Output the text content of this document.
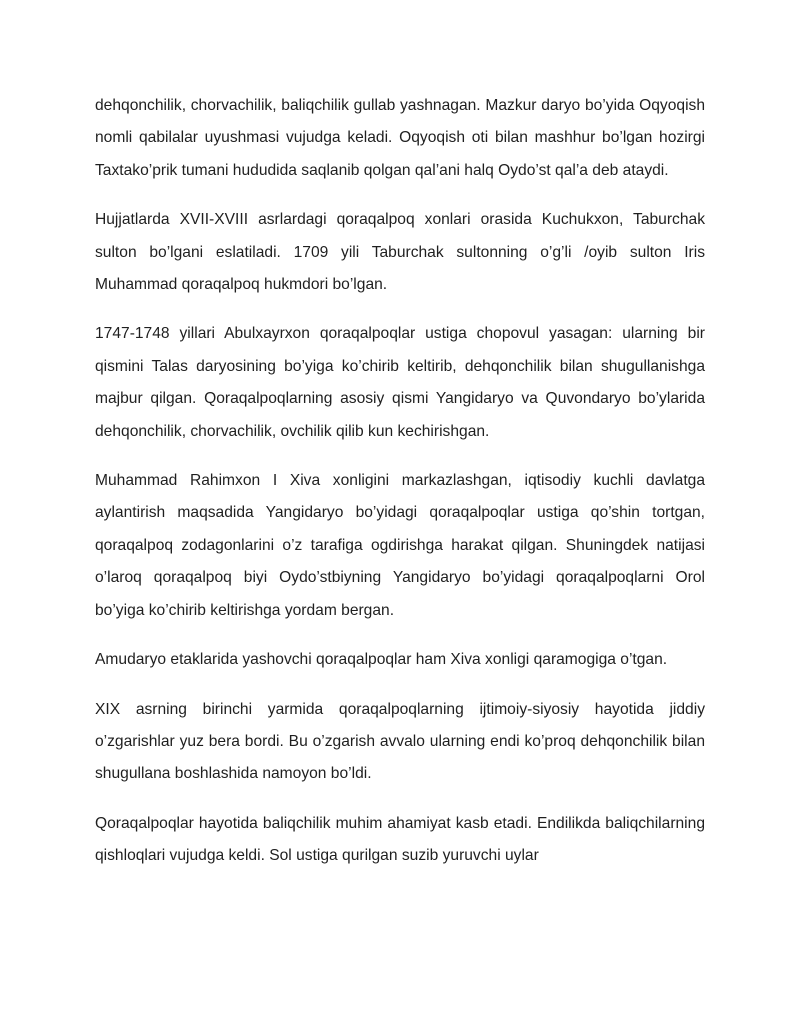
dehqonchilik, chorvachilik, baliqchilik gullab yashnagan. Mazkur daryo bo’yida Oqyoqish nomli qabilalar uyushmasi vujudga keladi. Oqyoqish oti bilan mashhur bo’lgan hozirgi Taxtako’prik tumani hududida saqlanib qolgan qal’ani halq Oydo’st qal’a deb ataydi.

Hujjatlarda XVII-XVIII asrlardagi qoraqalpoq xonlari orasida Kuchukxon, Taburchak sulton bo’lgani eslatiladi. 1709 yili Taburchak sultonning o’g’li /oyib sulton Iris Muhammad qoraqalpoq hukmdori bo’lgan.

1747-1748 yillari Abulxayrxon qoraqalpoqlar ustiga chopovul yasagan: ularning bir qismini Talas daryosining bo’yiga ko’chirib keltirib, dehqonchilik bilan shugullanishga majbur qilgan. Qoraqalpoqlarning asosiy qismi Yangidaryo va Quvondaryo bo’ylarida dehqonchilik, chorvachilik, ovchilik qilib kun kechirishgan.

Muhammad Rahimxon I Xiva xonligini markazlashgan, iqtisodiy kuchli davlatga aylantirish maqsadida Yangidaryo bo’yidagi qoraqalpoqlar ustiga qo’shin tortgan, qoraqalpoq zodagonlarini o’z tarafiga ogdirishga harakat qilgan. Shuningdek natijasi o’laroq qoraqalpoq biyi Oydo’stbiyning Yangidaryo bo’yidagi qoraqalpoqlarni Orol bo’yiga ko’chirib keltirishga yordam bergan.

Amudaryo etaklarida yashovchi qoraqalpoqlar ham Xiva xonligi qaramogiga o’tgan.

XIX asrning birinchi yarmida qoraqalpoqlarning ijtimoiy-siyosiy hayotida jiddiy o’zgarishlar yuz bera bordi. Bu o’zgarish avvalo ularning endi ko’proq dehqonchilik bilan shugullana boshlashida namoyon bo’ldi.

Qoraqalpoqlar hayotida baliqchilik muhim ahamiyat kasb etadi. Endilikda baliqchilarning qishloqlari vujudga keldi. Sol ustiga qurilgan suzib yuruvchi uylar
